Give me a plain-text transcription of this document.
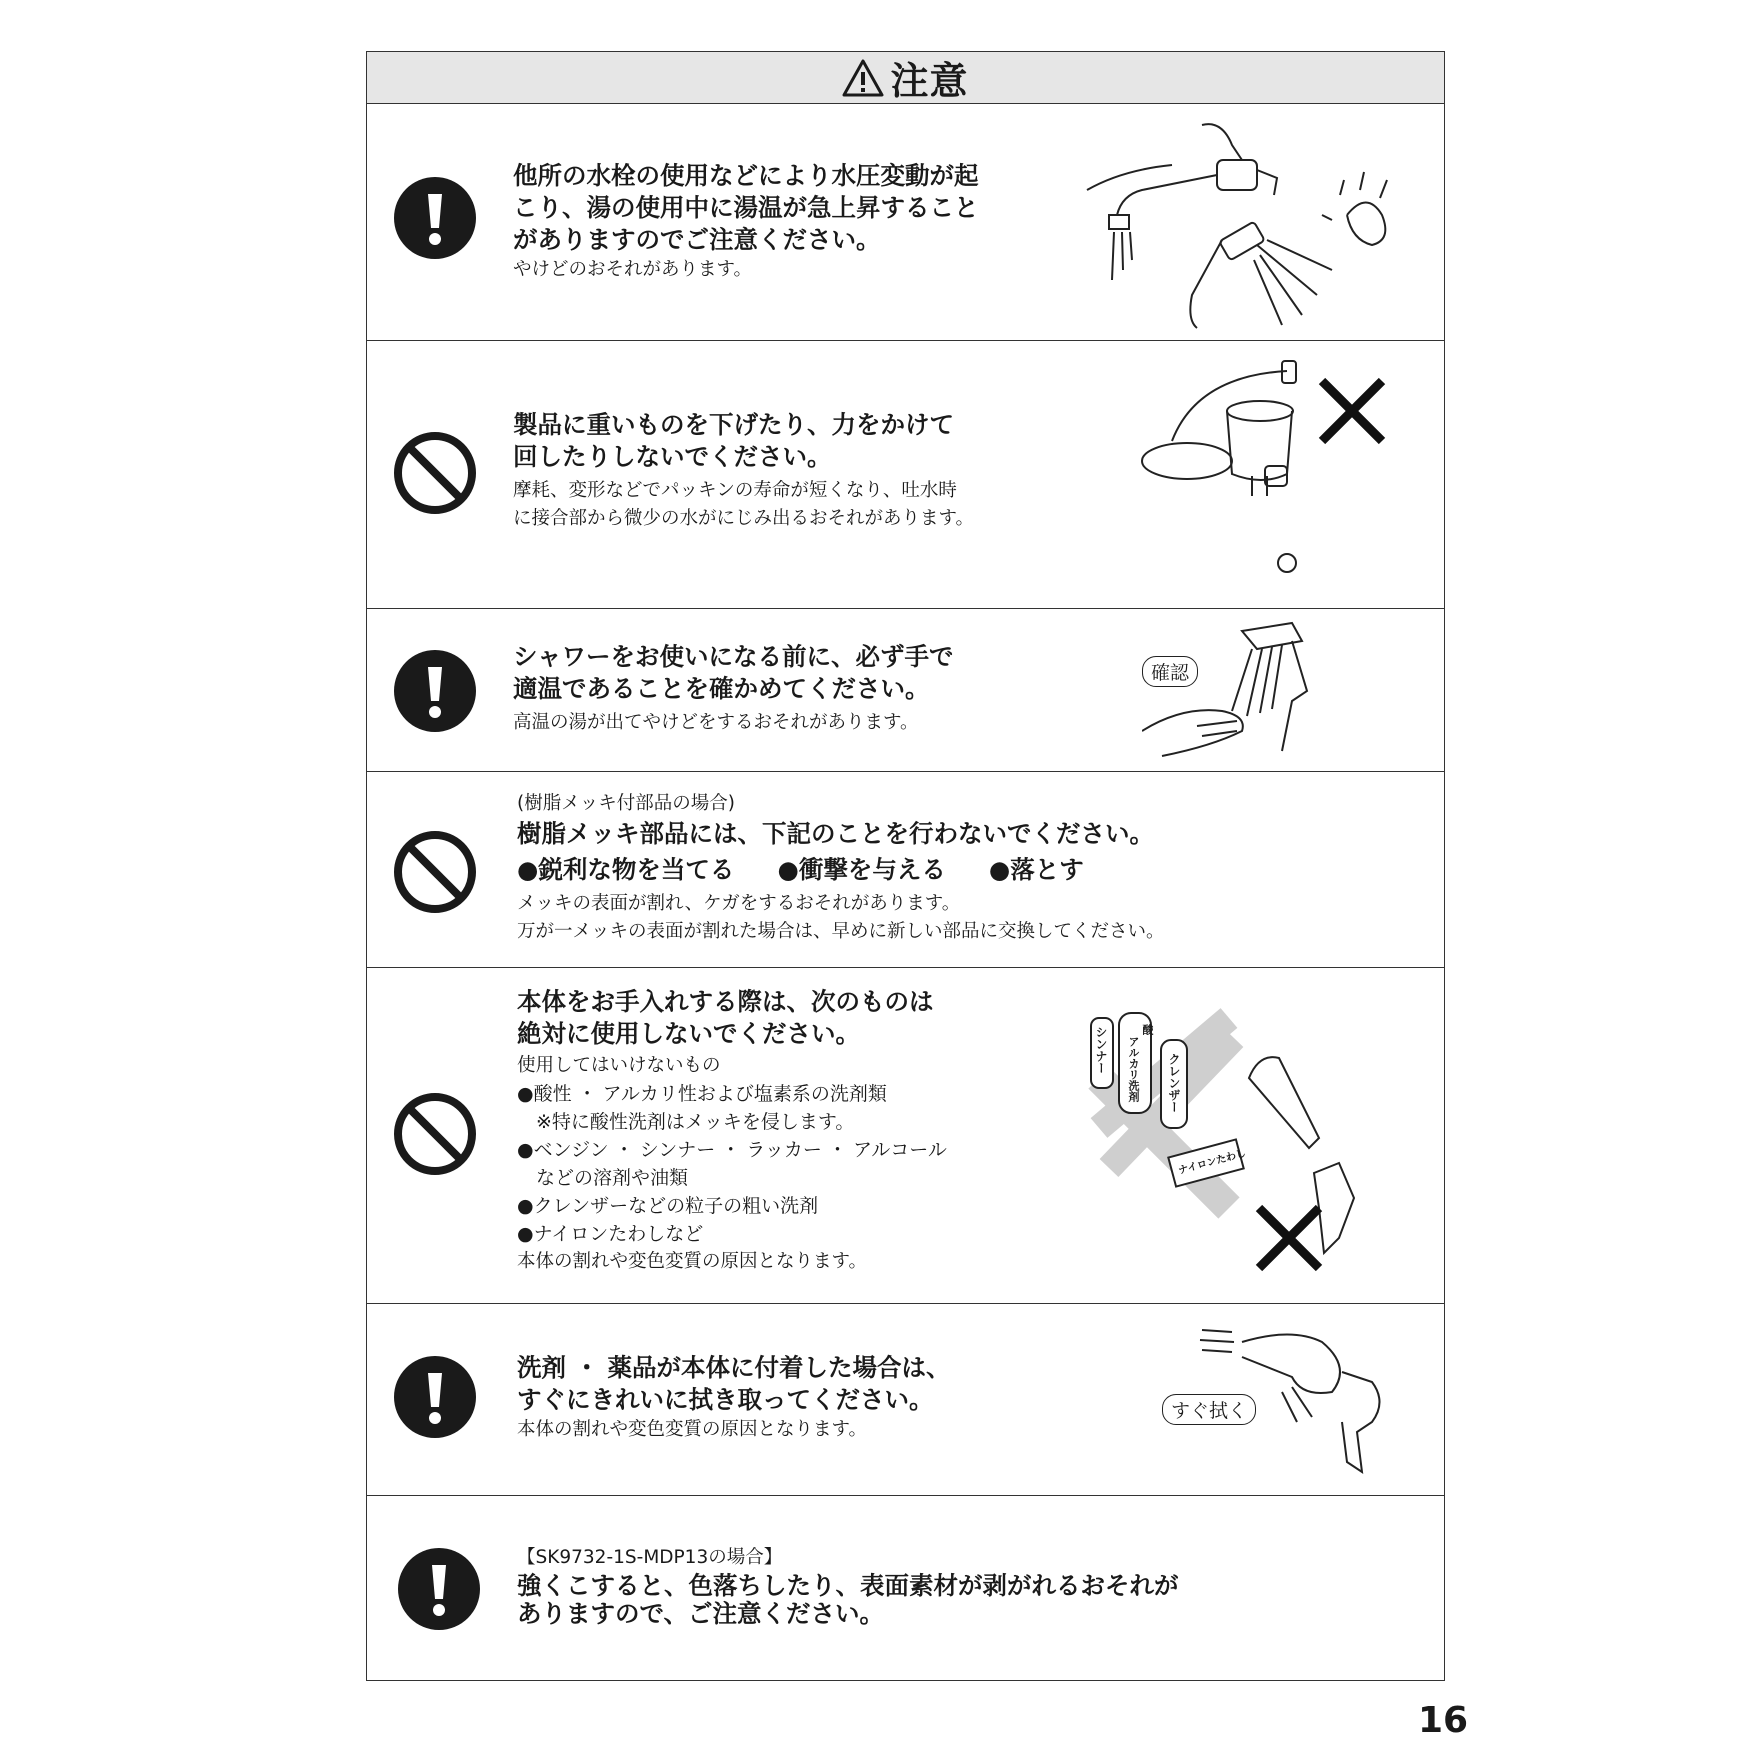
注意

他所の水栓の使用などにより水圧変動が起
こり、湯の使用中に湯温が急上昇すること
がありますのでご注意ください。

やけどのおそれがあります。

製品に重いものを下げたり、力をかけて
回したりしないでください。

摩耗、変形などでパッキンの寿命が短くなり、吐水時
に接合部から微少の水がにじみ出るおそれがあります。

シャワーをお使いになる前に、必ず手で
適温であることを確かめてください。

高温の湯が出てやけどをするおそれがあります。

確認

(樹脂メッキ付部品の場合)

樹脂メッキ部品には、下記のことを行わないでください。

●鋭利な物を当てる ●衝撃を与える ●落とす

メッキの表面が割れ、ケガをするおそれがあります。
万が一メッキの表面が割れた場合は、早めに新しい部品に交換してください。

本体をお手入れする際は、次のものは
絶対に使用しないでください。

使用してはいけないもの

●酸性 ・ アルカリ性および塩素系の洗剤類

　※特に酸性洗剤はメッキを侵します。

●ベンジン ・ シンナー ・ ラッカー ・ アルコール
　などの溶剤や油類

●クレンザーなどの粒子の粗い洗剤

●ナイロンたわしなど

本体の割れや変色変質の原因となります。

シンナー アルカリ洗剤
酸
クレンザー
ナイロンたわし

洗剤 ・ 薬品が本体に付着した場合は、
すぐにきれいに拭き取ってください。

本体の割れや変色変質の原因となります。

すぐ拭く

【SK9732-1S-MDP13の場合】

強くこすると、色落ちしたり、表面素材が剥がれるおそれが
ありますので、ご注意ください。

16
